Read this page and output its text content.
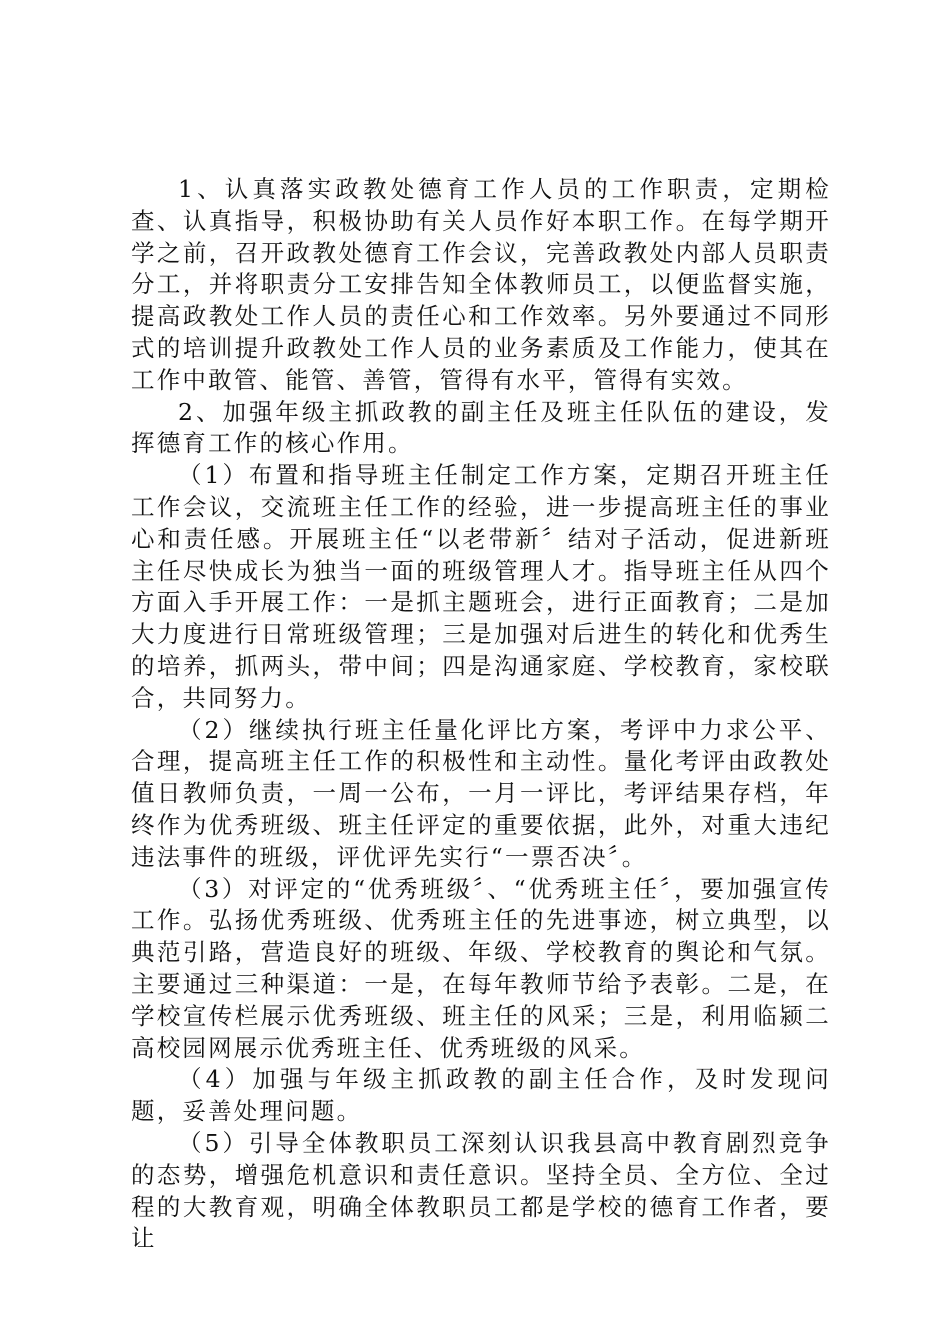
1、认真落实政教处德育工作人员的工作职责，定期检查、认真指导，积极协助有关人员作好本职工作。在每学期开学之前，召开政教处德育工作会议，完善政教处内部人员职责分工，并将职责分工安排告知全体教师员工，以便监督实施，提高政教处工作人员的责任心和工作效率。另外要通过不同形式的培训提升政教处工作人员的业务素质及工作能力，使其在工作中敢管、能管、善管，管得有水平，管得有实效。

2、加强年级主抓政教的副主任及班主任队伍的建设，发挥德育工作的核心作用。

（1）布置和指导班主任制定工作方案，定期召开班主任工作会议，交流班主任工作的经验，进一步提高班主任的事业心和责任感。开展班主任“以老带新〞结对子活动，促进新班主任尽快成长为独当一面的班级管理人才。指导班主任从四个方面入手开展工作：一是抓主题班会，进行正面教育；二是加大力度进行日常班级管理；三是加强对后进生的转化和优秀生的培养，抓两头，带中间；四是沟通家庭、学校教育，家校联合，共同努力。

（2）继续执行班主任量化评比方案，考评中力求公平、合理，提高班主任工作的积极性和主动性。量化考评由政教处值日教师负责，一周一公布，一月一评比，考评结果存档，年终作为优秀班级、班主任评定的重要依据，此外，对重大违纪违法事件的班级，评优评先实行“一票否决〞。

（3）对评定的“优秀班级〞、“优秀班主任〞，要加强宣传工作。弘扬优秀班级、优秀班主任的先进事迹，树立典型，以典范引路，营造良好的班级、年级、学校教育的舆论和气氛。主要通过三种渠道：一是，在每年教师节给予表彰。二是，在学校宣传栏展示优秀班级、班主任的风采；三是，利用临颍二高校园网展示优秀班主任、优秀班级的风采。

（4）加强与年级主抓政教的副主任合作，及时发现问题，妥善处理问题。

（5）引导全体教职员工深刻认识我县高中教育剧烈竞争的态势，增强危机意识和责任意识。坚持全员、全方位、全过程的大教育观，明确全体教职员工都是学校的德育工作者，要让
